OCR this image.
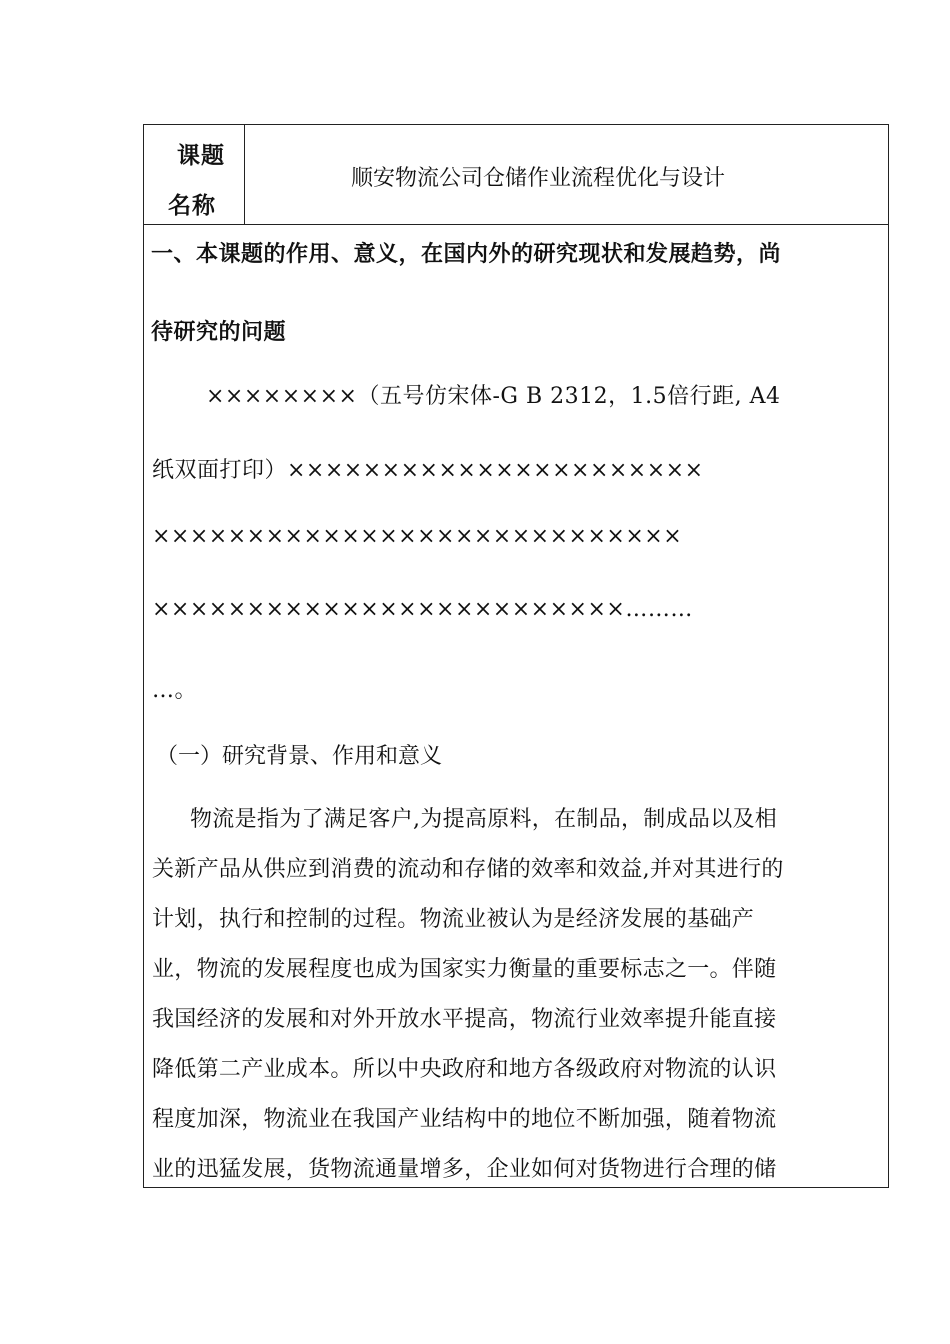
课题
名称
顺安物流公司仓储作业流程优化与设计
一、本课题的作用、意义，在国内外的研究现状和发展趋势，尚
待研究的问题
××××××××（五号仿宋体-G B 2312，1.5倍行距, A4
纸双面打印）××××××××××××××××××××××
××××××××××××××××××××××××××××
×××××××××××××××××××××××××………
…。
（一）研究背景、作用和意义
物流是指为了满足客户,为提高原料，在制品，制成品以及相
关新产品从供应到消费的流动和存储的效率和效益,并对其进行的
计划，执行和控制的过程。物流业被认为是经济发展的基础产
业，物流的发展程度也成为国家实力衡量的重要标志之一。伴随
我国经济的发展和对外开放水平提高，物流行业效率提升能直接
降低第二产业成本。所以中央政府和地方各级政府对物流的认识
程度加深，物流业在我国产业结构中的地位不断加强，随着物流
业的迅猛发展，货物流通量增多，企业如何对货物进行合理的储
